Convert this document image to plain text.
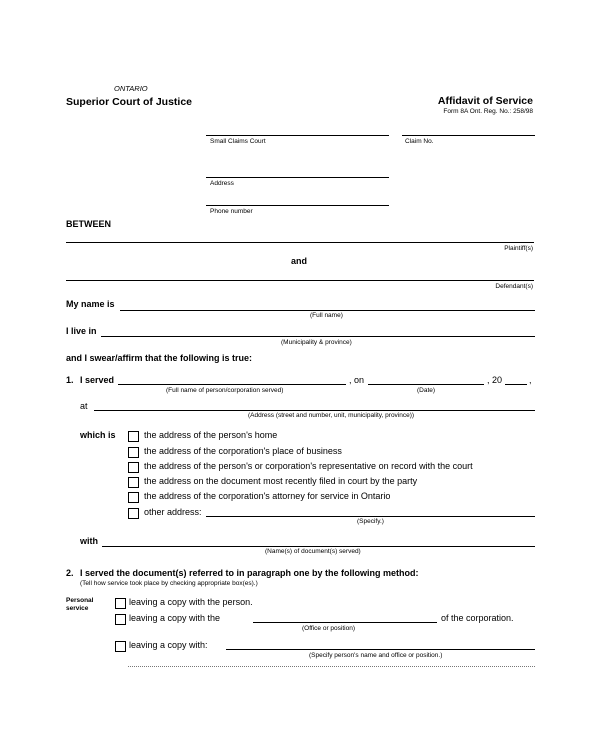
ONTARIO
Superior Court of Justice	Affidavit of Service
Form 8A Ont. Reg. No.: 258/98
Small Claims Court	Claim No.
Address
Phone number
BETWEEN
Plaintiff(s)
and
Defendant(s)
My name is
(Full name)
I live in
(Municipality & province)
and I swear/affirm that the following is true:
1. I served
(Full name of person/corporation served)
, on
(Date)
, 20	,
at
(Address (street and number, unit, municipality, province))
which is	the address of the person's home
the address of the corporation's place of business
the address of the person's or corporation's representative on record with the court
the address on the document most recently filed in court by the party
the address of the corporation's attorney for service in Ontario
other address:
(Specify.)
with
(Name(s) of document(s) served)
2. I served the document(s) referred to in paragraph one by the following method:
(Tell how service took place by checking appropriate box(es).)
Personal
service
leaving a copy with the person.
leaving a copy with the	of the corporation.
(Office or position)
leaving a copy with:
(Specify person's name and office or position.)
